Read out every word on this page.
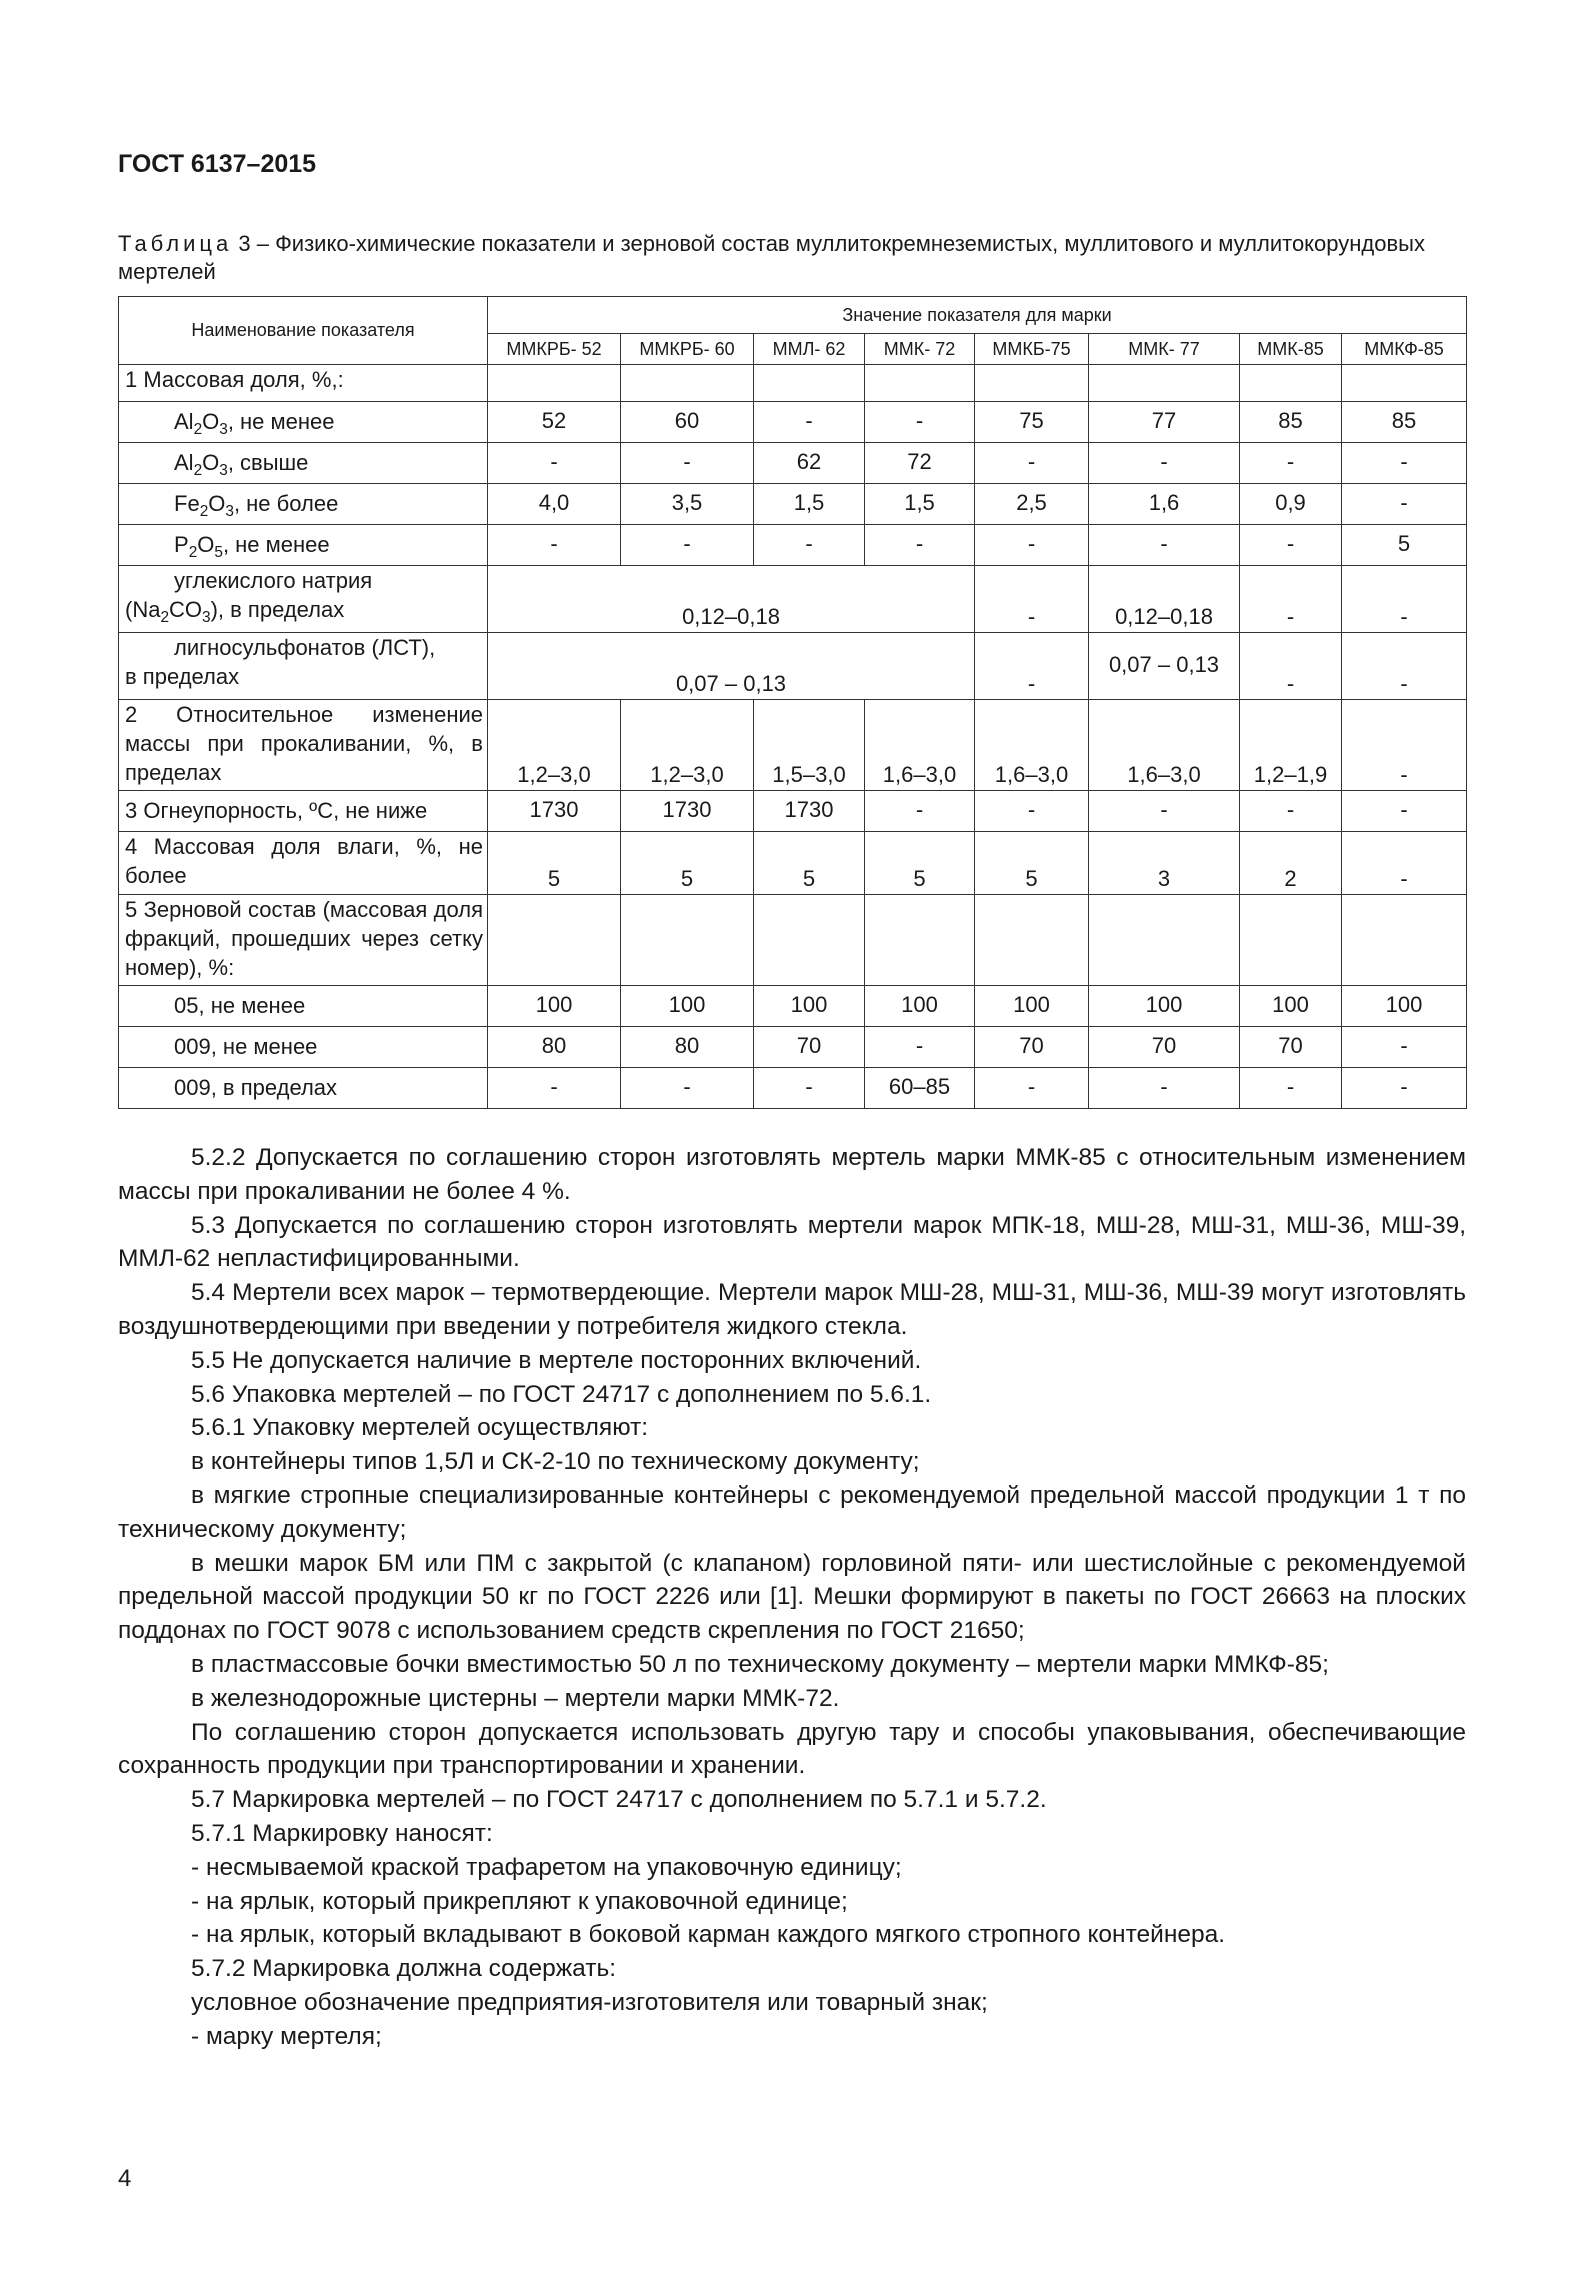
ГОСТ 6137–2015

Таблица 3 – Физико-химические показатели и зерновой состав муллитокремнеземистых, муллитового и муллитокорундовых мертелей

Наименование показателя	Значение показателя для марки							
	ММКРБ- 52	ММКРБ- 60	ММЛ- 62	ММК- 72	ММКБ-75	ММК- 77	ММК-85	ММКФ-85
1 Массовая доля, %,:								
$Al_2O_3$, не менее	52	60	-	-	75	77	85	85
$Al_2O_3$, свыше	-	-	62	72	-	-	-	-
$Fe_2O_3$, не более	4,0	3,5	1,5	1,5	2,5	1,6	0,9	-
$P_2O_5$, не менее	-	-	-	-	-	-	-	5
углекислого натрия
$(Na_2CO_3)$, в пределах	0,12–0,18				-	0,12–0,18	-	-
лигносульфонатов (ЛСТ),
в пределах	0,07 – 0,13				-	0,07 – 0,13	-	-
2 Относительное изменение массы при прокаливании, %, в пределах	1,2–3,0	1,2–3,0	1,5–3,0	1,6–3,0	1,6–3,0	1,6–3,0	1,2–1,9	-
3 Огнеупорность, ºС, не ниже	1730	1730	1730	-	-	-	-	-
4 Массовая доля влаги, %, не более	5	5	5	5	5	3	2	-
5 Зерновой состав (массовая доля фракций, прошедших через сетку номер), %:								
05, не менее	100	100	100	100	100	100	100	100
009, не менее	80	80	70	-	70	70	70	-
009, в пределах	-	-	-	60–85	-	-	-	-

5.2.2 Допускается по соглашению сторон изготовлять мертель марки ММК-85 с относительным изменением массы при прокаливании не более 4 %.

5.3 Допускается по соглашению сторон изготовлять мертели марок МПК-18, МШ-28, МШ-31, МШ-36, МШ-39, ММЛ-62 непластифицированными.

5.4 Мертели всех марок – термотвердеющие. Мертели марок МШ-28, МШ-31, МШ-36, МШ-39 могут изготовлять воздушнотвердеющими при введении у потребителя жидкого стекла.

5.5 Не допускается наличие в мертеле посторонних включений.

5.6 Упаковка мертелей – по ГОСТ 24717 с дополнением по 5.6.1.

5.6.1 Упаковку мертелей осуществляют:

в контейнеры типов 1,5Л и СК-2-10 по техническому документу;

в мягкие стропные специализированные контейнеры с рекомендуемой предельной массой продукции 1 т по техническому документу;

в мешки марок БМ или ПМ с закрытой (с клапаном) горловиной пяти- или шестислойные с рекомендуемой предельной массой продукции 50 кг по ГОСТ 2226 или [1]. Мешки формируют в пакеты по ГОСТ 26663 на плоских поддонах по ГОСТ 9078 с использованием средств скрепления по ГОСТ 21650;

в пластмассовые бочки вместимостью 50 л по техническому документу – мертели марки ММКФ-85;

в железнодорожные цистерны – мертели марки ММК-72.

По соглашению сторон допускается использовать другую тару и способы упаковывания, обеспечивающие сохранность продукции при транспортировании и хранении.

5.7 Маркировка мертелей – по ГОСТ 24717 с дополнением по 5.7.1 и 5.7.2.

5.7.1 Маркировку наносят:

- несмываемой краской трафаретом на упаковочную единицу;

- на ярлык, который прикрепляют к упаковочной единице;

- на ярлык, который вкладывают в боковой карман каждого мягкого стропного контейнера.

5.7.2 Маркировка должна содержать:

условное обозначение предприятия-изготовителя или товарный знак;

- марку мертеля;

4
